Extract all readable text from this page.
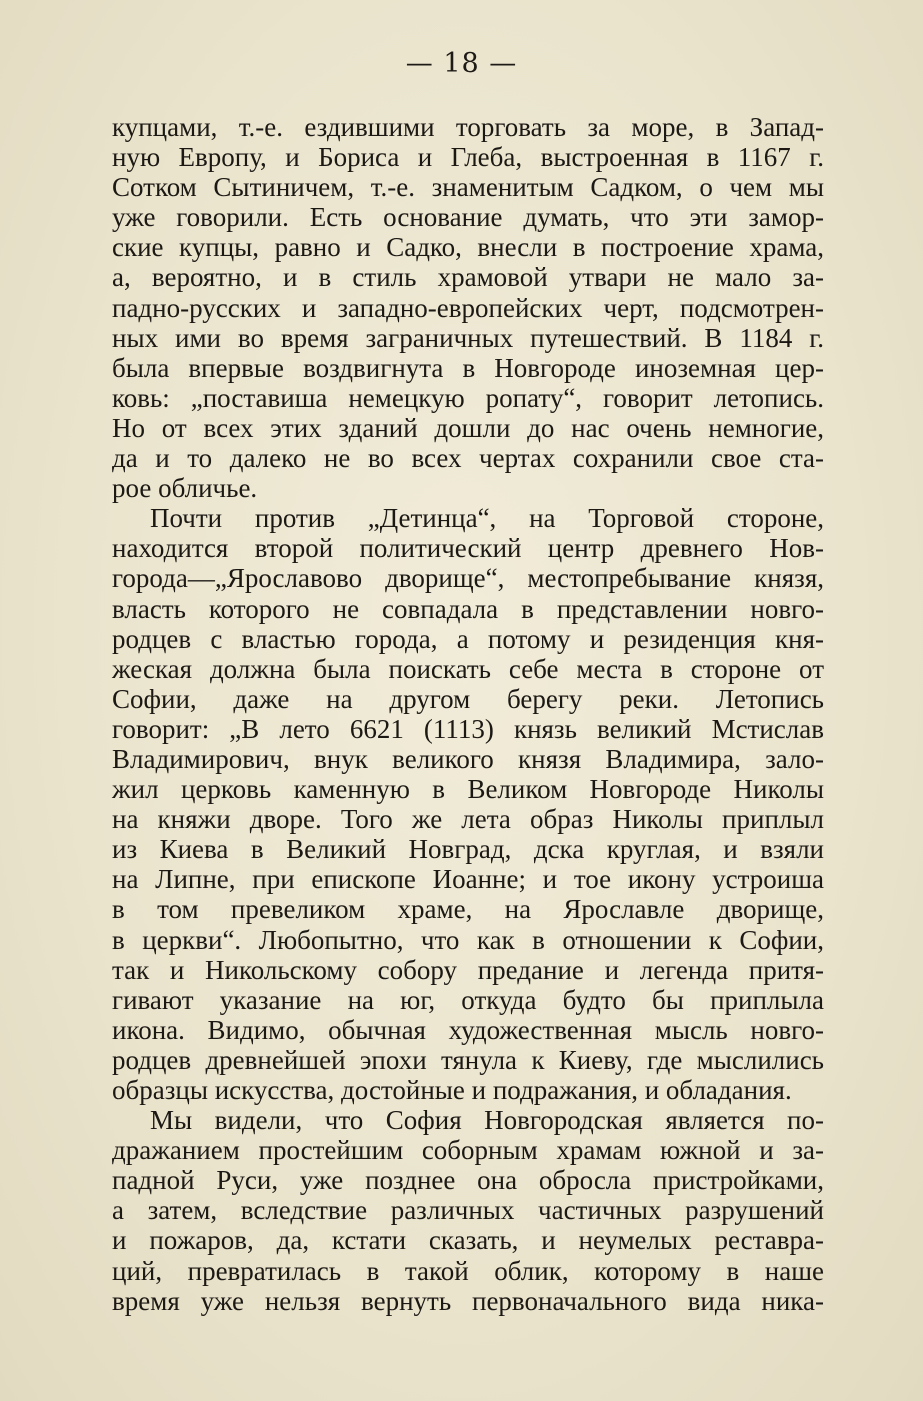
— 18 —
купцами, т.-е. ездившими торговать за море, в Запад-
ную Европу, и Бориса и Глеба, выстроенная в 1167 г.
Сотком Сытиничем, т.-е. знаменитым Садком, о чем мы
уже говорили. Есть основание думать, что эти замор-
ские купцы, равно и Садко, внесли в построение храма,
а, вероятно, и в стиль храмовой утвари не мало за-
падно-русских и западно-европейских черт, подсмотрен-
ных ими во время заграничных путешествий. В 1184 г.
была впервые воздвигнута в Новгороде иноземная цер-
ковь: „поставиша немецкую ропату“, говорит летопись.
Но от всех этих зданий дошли до нас очень немногие,
да и то далеко не во всех чертах сохранили свое ста-
рое обличье.
Почти против „Детинца“, на Торговой стороне,
находится второй политический центр древнего Нов-
города—„Ярославово дворище“, местопребывание князя,
власть которого не совпадала в представлении новго-
родцев с властью города, а потому и резиденция кня-
жеская должна была поискать себе места в стороне от
Софии, даже на другом берегу реки. Летопись
говорит: „В лето 6621 (1113) князь великий Мстислав
Владимирович, внук великого князя Владимира, зало-
жил церковь каменную в Великом Новгороде Николы
на княжи дворе. Того же лета образ Николы приплыл
из Киева в Великий Новград, дска круглая, и взяли
на Липне, при епископе Иоанне; и тое икону устроиша
в том превеликом храме, на Ярославле дворище,
в церкви“. Любопытно, что как в отношении к Софии,
так и Никольскому собору предание и легенда притя-
гивают указание на юг, откуда будто бы приплыла
икона. Видимо, обычная художественная мысль новго-
родцев древнейшей эпохи тянула к Киеву, где мыслились
образцы искусства, достойные и подражания, и обладания.
Мы видели, что София Новгородская является по-
дражанием простейшим соборным храмам южной и за-
падной Руси, уже позднее она обросла пристройками,
а затем, вследствие различных частичных разрушений
и пожаров, да, кстати сказать, и неумелых реставра-
ций, превратилась в такой облик, которому в наше
время уже нельзя вернуть первоначального вида ника-
